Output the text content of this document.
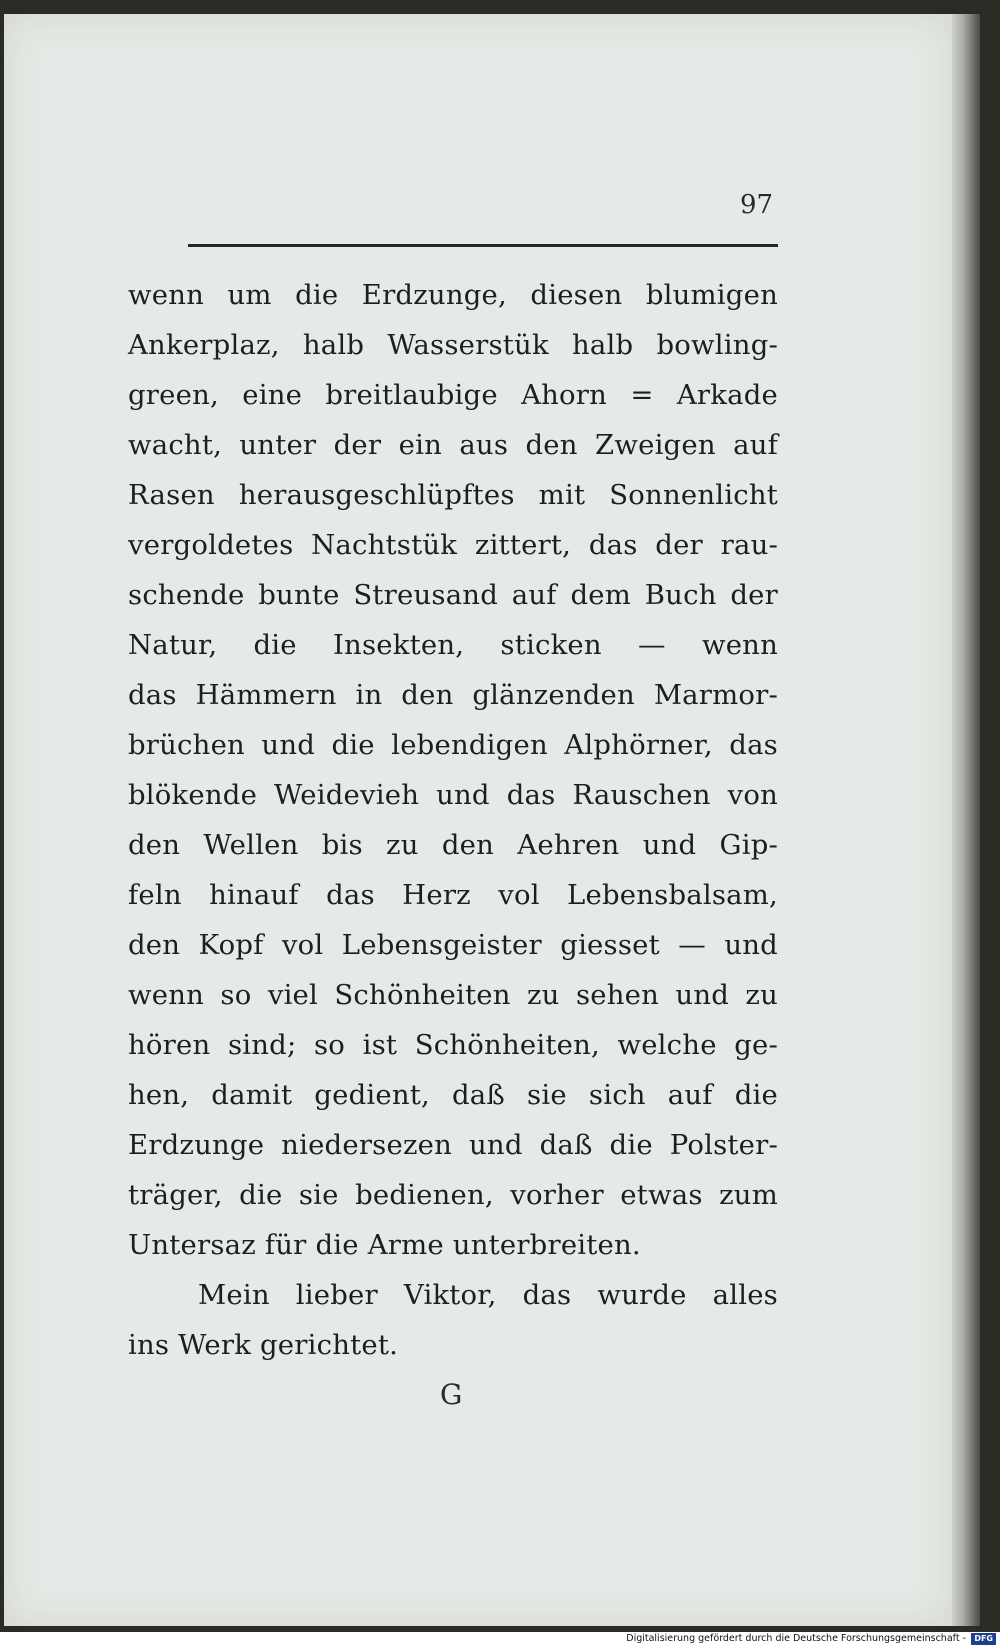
97
wenn um die Erdzunge, diesen blumigen
Ankerplaz, halb Wasserstük halb bowling-
green, eine breitlaubige Ahorn = Arkade
wacht, unter der ein aus den Zweigen auf
Rasen herausgeschlüpftes mit Sonnenlicht
vergoldetes Nachtstük zittert, das der rau-
schende bunte Streusand auf dem Buch der
Natur, die Insekten, sticken — wenn
das Hämmern in den glänzenden Marmor-
brüchen und die lebendigen Alphörner, das
blökende Weidevieh und das Rauschen von
den Wellen bis zu den Aehren und Gip-
feln hinauf das Herz vol Lebensbalsam,
den Kopf vol Lebensgeister giesset — und
wenn so viel Schönheiten zu sehen und zu
hören sind; so ist Schönheiten, welche ge-
hen, damit gedient, daß sie sich auf die
Erdzunge niedersezen und daß die Polster-
träger, die sie bedienen, vorher etwas zum
Untersaz für die Arme unterbreiten.
Mein lieber Viktor, das wurde alles
ins Werk gerichtet.
G
Digitalisierung gefördert durch die Deutsche Forschungsgemeinschaft -	DFG
